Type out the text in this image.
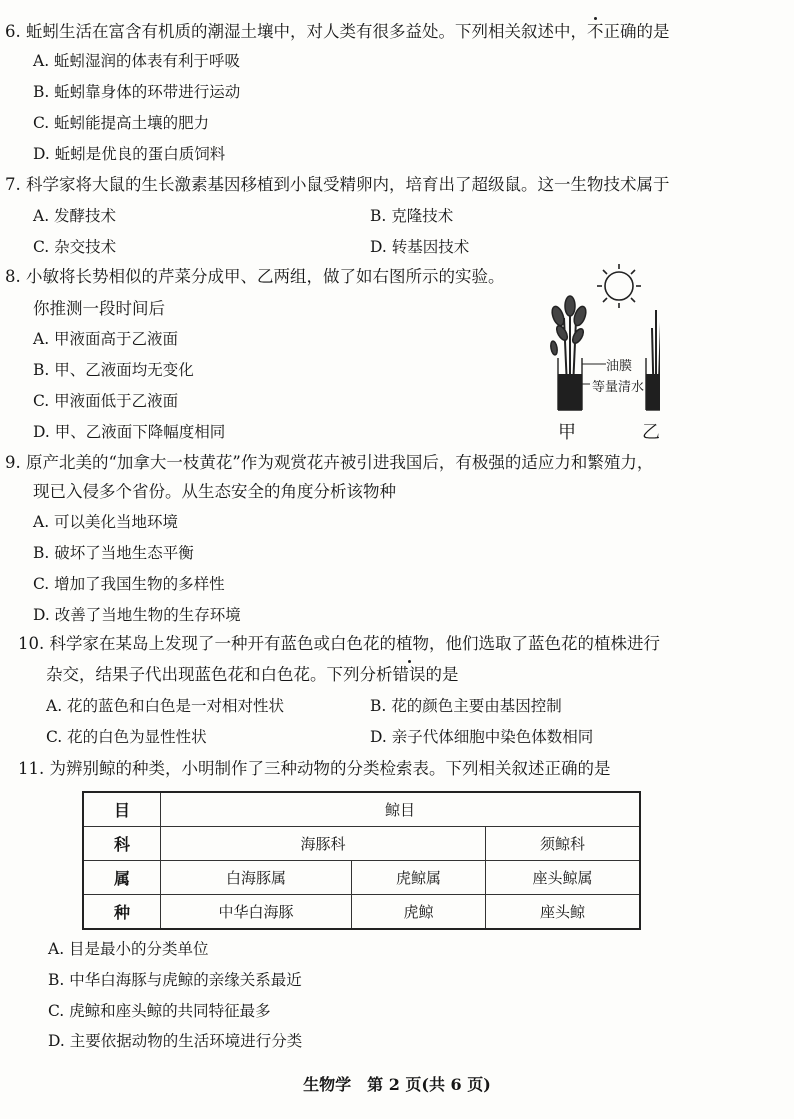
6. 蚯蚓生活在富含有机质的潮湿土壤中，对人类有很多益处。下列相关叙述中，不正确的是
A. 蚯蚓湿润的体表有利于呼吸
B. 蚯蚓靠身体的环带进行运动
C. 蚯蚓能提高土壤的肥力
D. 蚯蚓是优良的蛋白质饲料
7. 科学家将大鼠的生长激素基因移植到小鼠受精卵内，培育出了超级鼠。这一生物技术属于
A. 发酵技术	B. 克隆技术
C. 杂交技术	D. 转基因技术
8. 小敏将长势相似的芹菜分成甲、乙两组，做了如右图所示的实验。
你推测一段时间后
A. 甲液面高于乙液面
B. 甲、乙液面均无变化
C. 甲液面低于乙液面
D. 甲、乙液面下降幅度相同
油膜
等量清水
甲	乙
9. 原产北美的“加拿大一枝黄花”作为观赏花卉被引进我国后，有极强的适应力和繁殖力，
现已入侵多个省份。从生态安全的角度分析该物种
A. 可以美化当地环境
B. 破坏了当地生态平衡
C. 增加了我国生物的多样性
D. 改善了当地生物的生存环境
10. 科学家在某岛上发现了一种开有蓝色或白色花的植物，他们选取了蓝色花的植株进行
杂交，结果子代出现蓝色花和白色花。下列分析错误的是
A. 花的蓝色和白色是一对相对性状	B. 花的颜色主要由基因控制
C. 花的白色为显性性状	D. 亲子代体细胞中染色体数相同
11. 为辨别鲸的种类，小明制作了三种动物的分类检索表。下列相关叙述正确的是
目	鲸目		
科	海豚科		须鲸科
属	白海豚属	虎鲸属	座头鲸属
种	中华白海豚	虎鲸	座头鲸
A. 目是最小的分类单位
B. 中华白海豚与虎鲸的亲缘关系最近
C. 虎鲸和座头鲸的共同特征最多
D. 主要依据动物的生活环境进行分类
生物学　第 2 页(共 6 页)
